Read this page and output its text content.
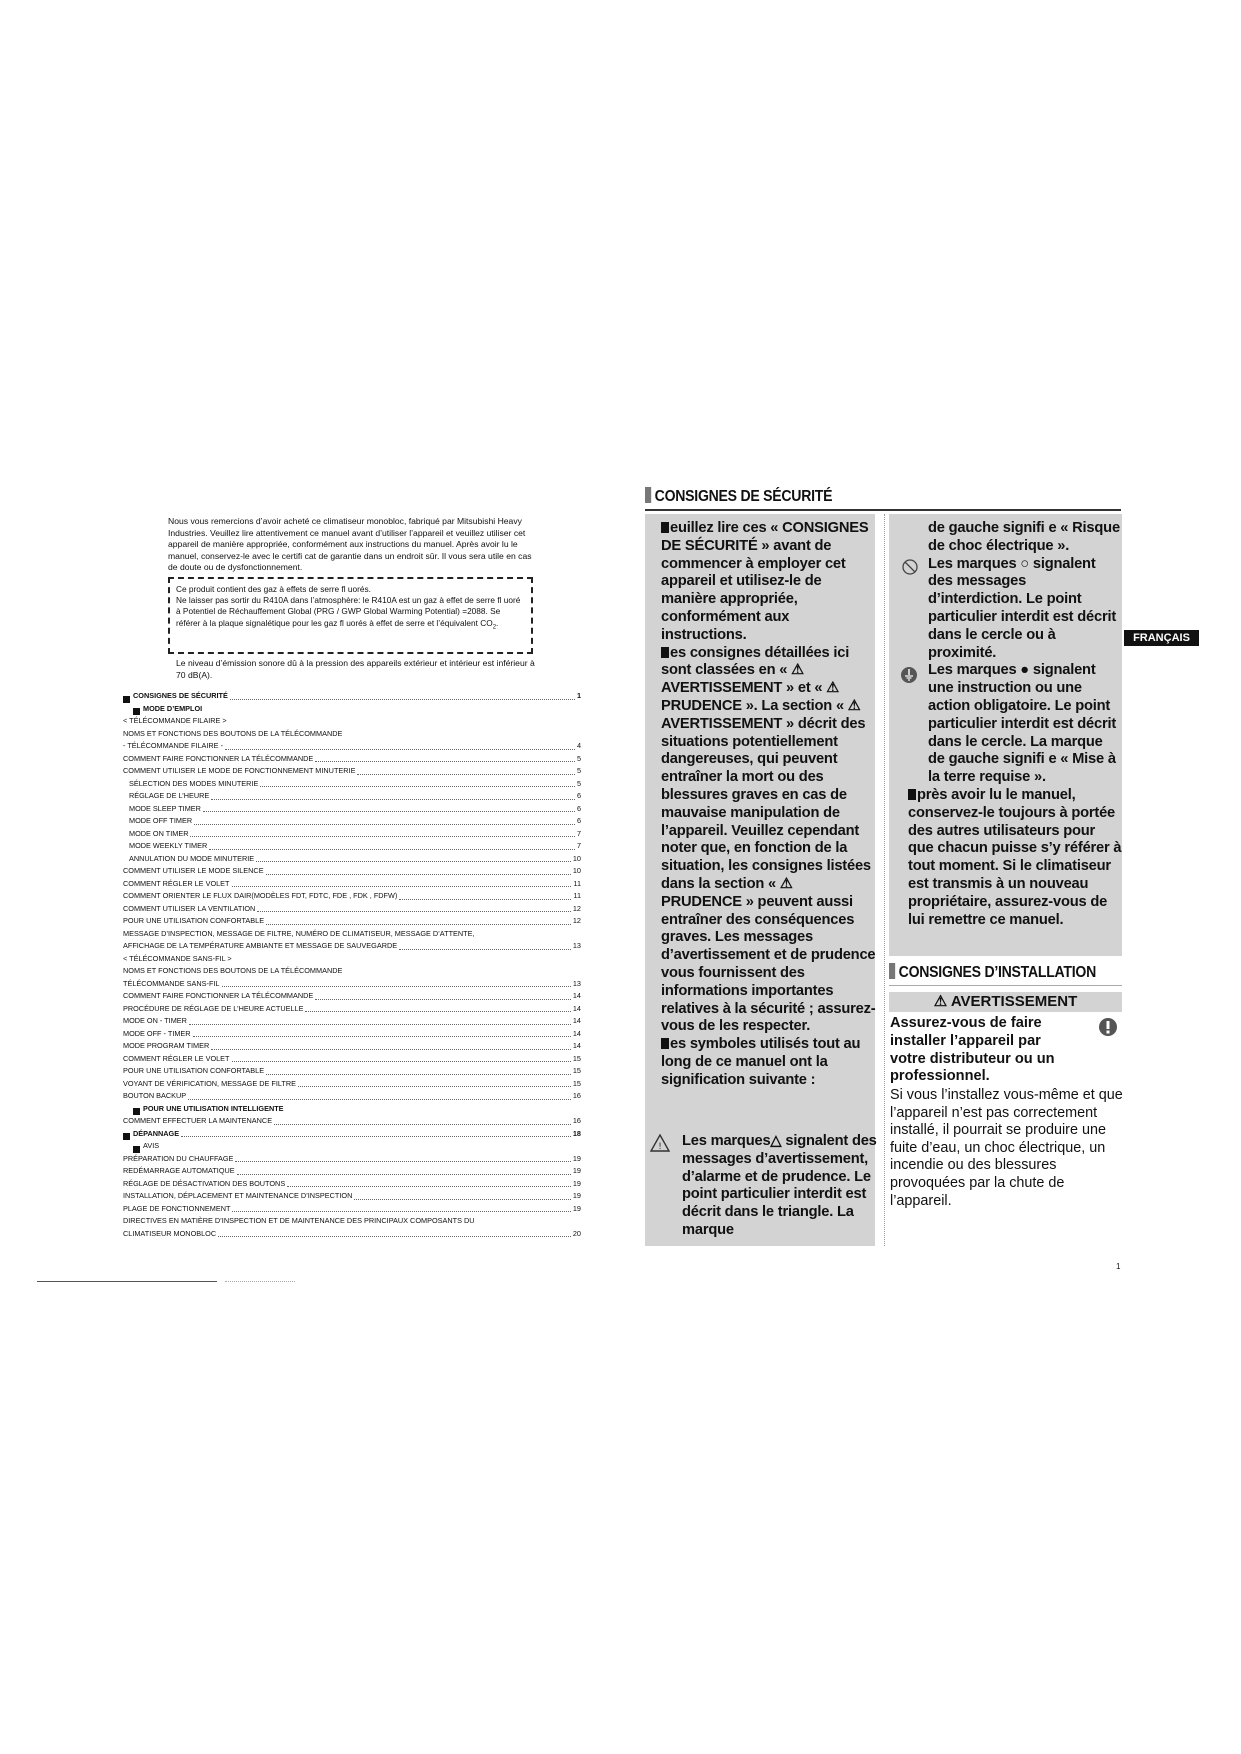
Nous vous remercions d’avoir acheté ce climatiseur monobloc, fabriqué par Mitsubishi Heavy Industries. Veuillez lire attentivement ce manuel avant d’utiliser l’appareil et veuillez utiliser cet appareil de manière appropriée, conformément aux instructions du manuel. Après avoir lu le manuel, conservez-le avec le certifi cat de garantie dans un endroit sûr. Il vous sera utile en cas de doute ou de dysfonctionnement.
Ce produit contient des gaz à effets de serre fl uorés.
Ne laisser pas sortir du R410A dans l’atmosphère: le R410A est un gaz à effet de serre fl uoré à Potentiel de Réchauffement Global (PRG / GWP Global Warming Potential) =2088. Se référer à la plaque signalétique pour les gaz fl uorés à effet de serre et l’équivalent $CO_2$.
Le niveau d’émission sonore dû à la pression des appareils extérieur et intérieur est inférieur à 70 dB(A).
CONSIGNES DE SÉCURITÉ	1
MODE D’EMPLOI
< TÉLÉCOMMANDE FILAIRE >
NOMS ET FONCTIONS DES BOUTONS DE LA TÉLÉCOMMANDE
- TÉLÉCOMMANDE FILAIRE -	4
COMMENT FAIRE FONCTIONNER LA TÉLÉCOMMANDE	5
COMMENT UTILISER LE MODE DE FONCTIONNEMENT MINUTERIE	5
SÉLECTION DES MODES MINUTERIE	5
RÉGLAGE DE L’HEURE	6
MODE SLEEP TIMER	6
MODE OFF TIMER	6
MODE ON TIMER	7
MODE WEEKLY TIMER	7
ANNULATION DU MODE MINUTERIE	10
COMMENT UTILISER LE MODE SILENCE	10
COMMENT RÉGLER LE VOLET	11
COMMENT ORIENTER LE FLUX DAIR(MODÈLES FDT, FDTC, FDE , FDK , FDFW)	11
COMMENT UTILISER LA VENTILATION	12
POUR UNE UTILISATION CONFORTABLE	12
MESSAGE D’INSPECTION, MESSAGE DE FILTRE, NUMÉRO DE CLIMATISEUR, MESSAGE D’ATTENTE,
AFFICHAGE DE LA TEMPÉRATURE AMBIANTE ET MESSAGE DE SAUVEGARDE	13
< TÉLÉCOMMANDE SANS-FIL >
NOMS ET FONCTIONS DES BOUTONS DE LA TÉLÉCOMMANDE
TÉLÉCOMMANDE SANS-FIL	13
COMMENT FAIRE FONCTIONNER LA TÉLÉCOMMANDE	14
PROCÉDURE DE RÉGLAGE DE L’HEURE ACTUELLE	14
MODE ON - TIMER	14
MODE OFF - TIMER	14
MODE PROGRAM TIMER	14
COMMENT RÉGLER LE VOLET	15
POUR UNE UTILISATION CONFORTABLE	15
VOYANT DE VÉRIFICATION, MESSAGE DE FILTRE	15
BOUTON BACKUP	16
POUR UNE UTILISATION INTELLIGENTE
COMMENT EFFECTUER LA MAINTENANCE	16
DÉPANNAGE	18
AVIS
PRÉPARATION DU CHAUFFAGE	19
REDÉMARRAGE AUTOMATIQUE	19
RÉGLAGE DE DÉSACTIVATION DES BOUTONS	19
INSTALLATION, DÉPLACEMENT ET MAINTENANCE D’INSPECTION	19
PLAGE DE FONCTIONNEMENT	19
DIRECTIVES EN MATIÈRE D’INSPECTION ET DE MAINTENANCE DES PRINCIPAUX COMPOSANTS DU
CLIMATISEUR MONOBLOC	20
CONSIGNES DE SÉCURITÉ

euillez lire ces « CONSIGNES DE SÉCURITÉ » avant de commencer à employer cet appareil et utilisez-le de manière appropriée, conformément aux instructions.

es consignes détaillées ici sont classées en « ⚠ AVERTISSEMENT » et « ⚠ PRUDENCE ». La section « ⚠ AVERTISSEMENT » décrit des situations potentiellement dangereuses, qui peuvent entraîner la mort ou des blessures graves en cas de mauvaise manipulation de l’appareil. Veuillez cependant noter que, en fonction de la situation, les consignes listées dans la section « ⚠ PRUDENCE » peuvent aussi entraîner des conséquences graves. Les messages d’avertissement et de prudence vous fournissent des informations importantes relatives à la sécurité ; assurez-vous de les respecter.

es symboles utilisés tout au long de ce manuel ont la signification suivante :

! Les marques△ signalent des messages d’avertissement, d’alarme et de prudence. Le point particulier interdit est décrit dans le triangle. La marque

de gauche signifi e « Risque de choc électrique ».

Les marques ○ signalent des messages d’interdiction. Le point particulier interdit est décrit dans le cercle ou à proximité.

Les marques ● signalent une instruction ou une action obligatoire. Le point particulier interdit est décrit dans le cercle. La marque de gauche signifi e « Mise à la terre requise ».

près avoir lu le manuel, conservez-le toujours à portée des autres utilisateurs pour que chacun puisse s’y référer à tout moment. Si le climatiseur est transmis à un nouveau propriétaire, assurez-vous de lui remettre ce manuel.
FRANÇAIS
CONSIGNES D’INSTALLATION
⚠ AVERTISSEMENT
Assurez-vous de faire installer l’appareil par votre distributeur ou un professionnel.
Si vous l’installez vous-même et que l’appareil n’est pas correctement installé, il pourrait se produire une fuite d’eau, un choc électrique, un incendie ou des blessures provoquées par la chute de l’appareil.
1
